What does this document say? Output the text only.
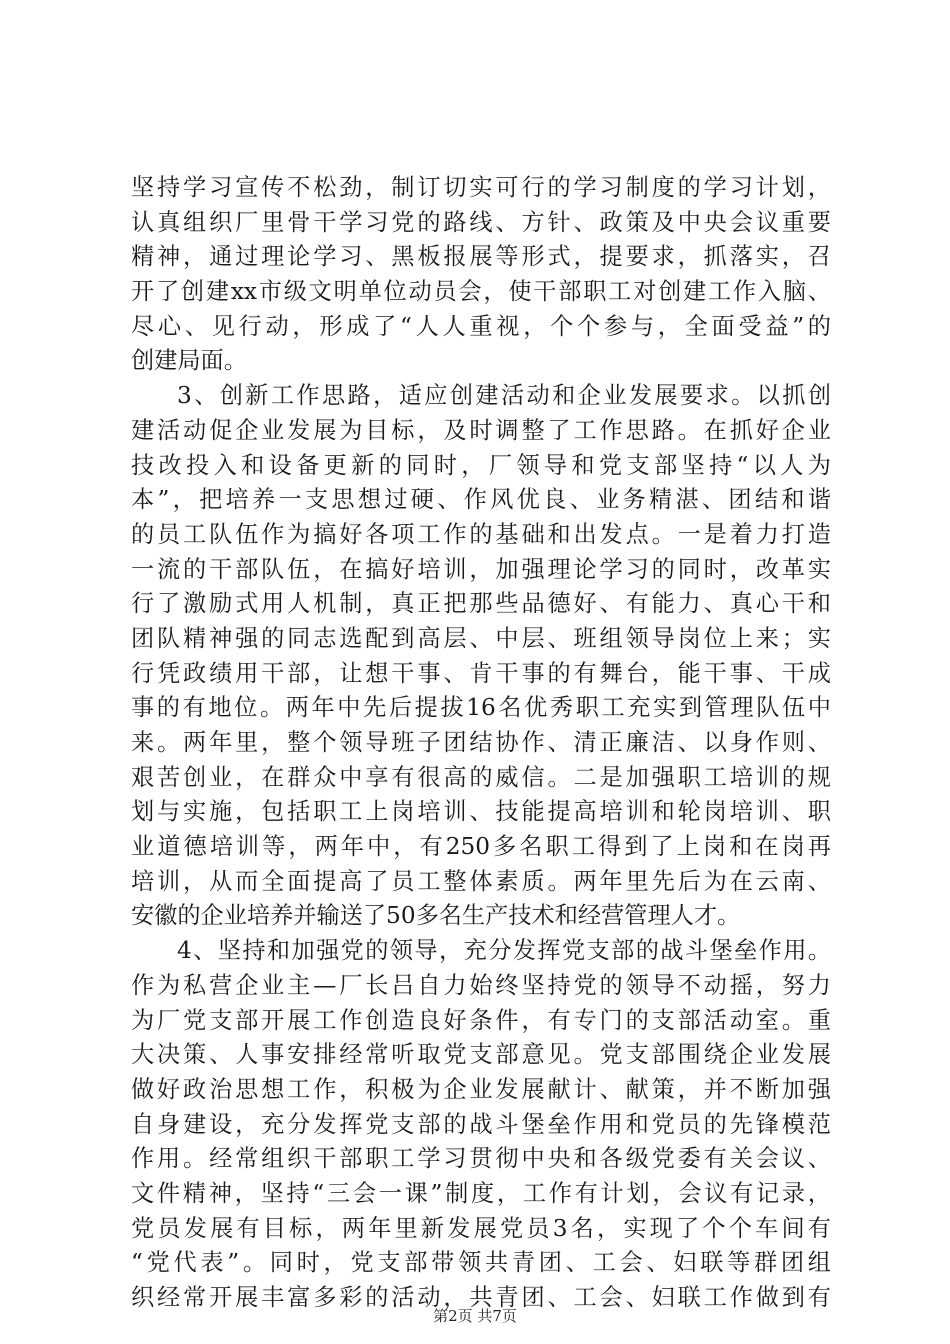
坚持学习宣传不松劲，制订切实可行的学习制度的学习计划，
认真组织厂里骨干学习党的路线、方针、政策及中央会议重要
精神，通过理论学习、黑板报展等形式，提要求，抓落实，召
开了创建xx市级文明单位动员会，使干部职工对创建工作入脑、
尽心、见行动，形成了“人人重视，个个参与，全面受益”的
创建局面。
3、创新工作思路，适应创建活动和企业发展要求。以抓创
建活动促企业发展为目标，及时调整了工作思路。在抓好企业
技改投入和设备更新的同时，厂领导和党支部坚持“以人为
本”，把培养一支思想过硬、作风优良、业务精湛、团结和谐
的员工队伍作为搞好各项工作的基础和出发点。一是着力打造
一流的干部队伍，在搞好培训，加强理论学习的同时，改革实
行了激励式用人机制，真正把那些品德好、有能力、真心干和
团队精神强的同志选配到高层、中层、班组领导岗位上来；实
行凭政绩用干部，让想干事、肯干事的有舞台，能干事、干成
事的有地位。两年中先后提拔16名优秀职工充实到管理队伍中
来。两年里，整个领导班子团结协作、清正廉洁、以身作则、
艰苦创业，在群众中享有很高的威信。二是加强职工培训的规
划与实施，包括职工上岗培训、技能提高培训和轮岗培训、职
业道德培训等，两年中，有250多名职工得到了上岗和在岗再
培训，从而全面提高了员工整体素质。两年里先后为在云南、
安徽的企业培养并输送了50多名生产技术和经营管理人才。
4、坚持和加强党的领导，充分发挥党支部的战斗堡垒作用。
作为私营企业主—厂长吕自力始终坚持党的领导不动摇，努力
为厂党支部开展工作创造良好条件，有专门的支部活动室。重
大决策、人事安排经常听取党支部意见。党支部围绕企业发展
做好政治思想工作，积极为企业发展献计、献策，并不断加强
自身建设，充分发挥党支部的战斗堡垒作用和党员的先锋模范
作用。经常组织干部职工学习贯彻中央和各级党委有关会议、
文件精神，坚持“三会一课”制度，工作有计划，会议有记录，
党员发展有目标，两年里新发展党员3名，实现了个个车间有
“党代表”。同时，党支部带领共青团、工会、妇联等群团组
织经常开展丰富多彩的活动，共青团、工会、妇联工作做到有
第2页 共7页
